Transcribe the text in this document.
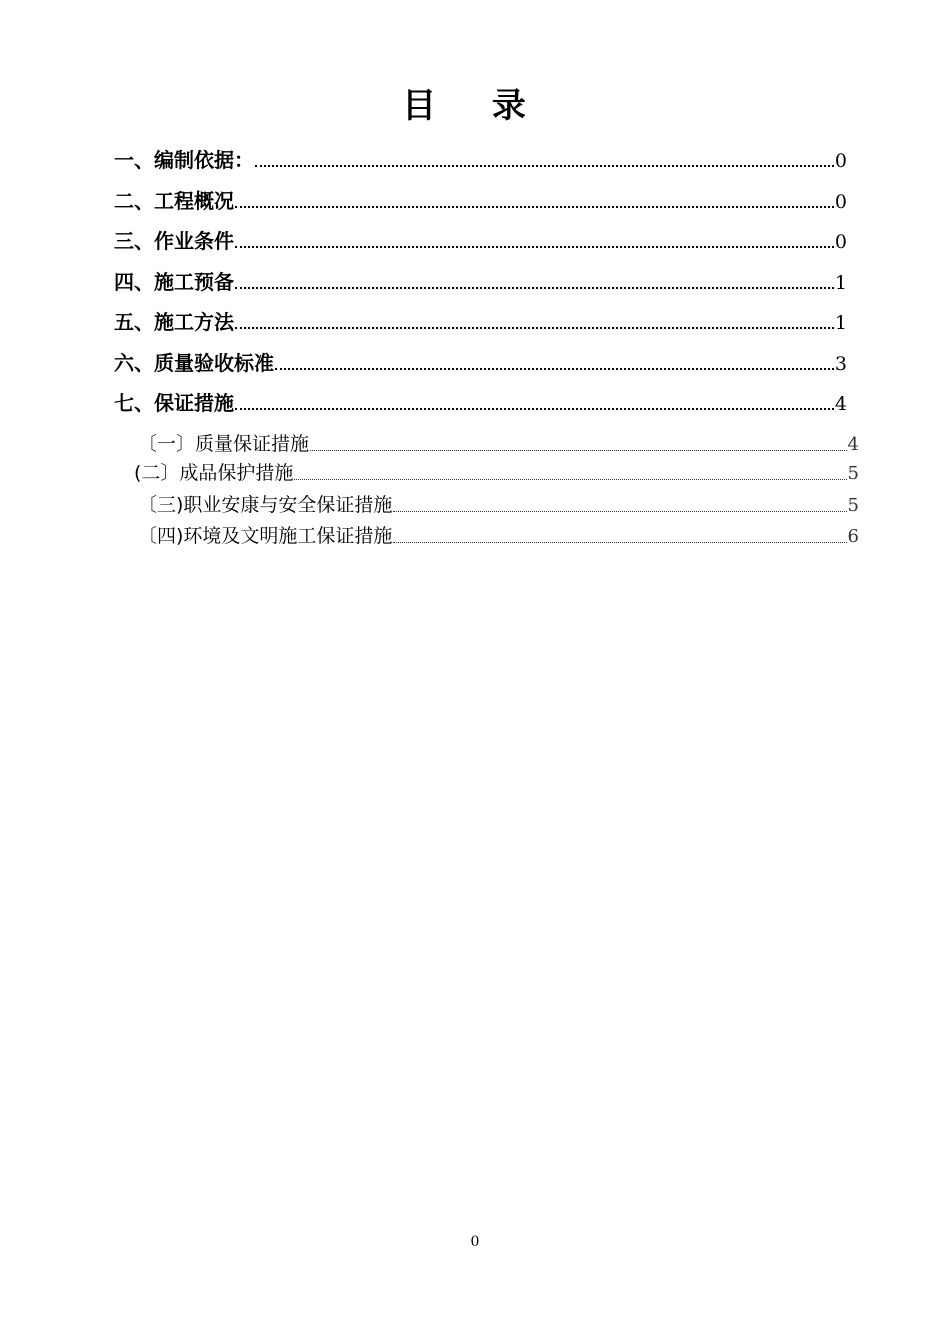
目 录
一、编制依据：	0
二、工程概况	0
三、作业条件	0
四、施工预备	1
五、施工方法	1
六、质量验收标准	3
七、保证措施	4
〔一〕质量保证措施	4
(二〕成品保护措施	5
〔三)职业安康与安全保证措施	5
〔四)环境及文明施工保证措施	6
0
